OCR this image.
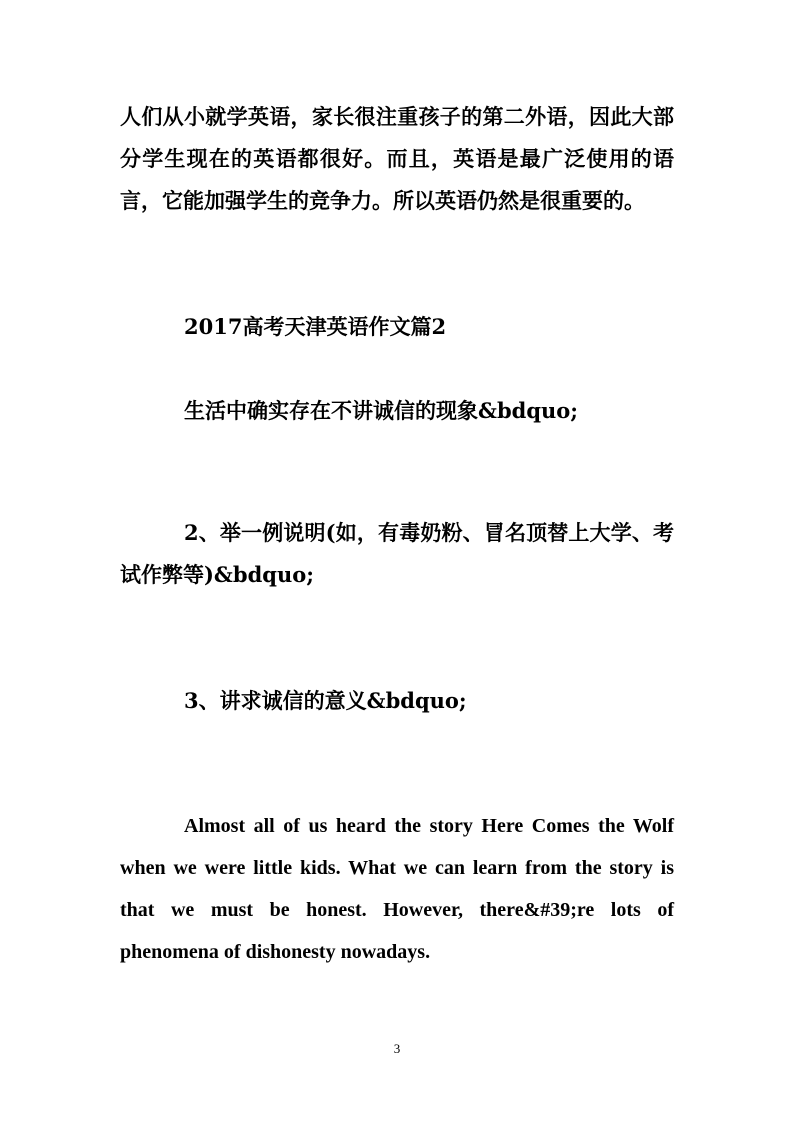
人们从小就学英语，家长很注重孩子的第二外语，因此大部分学生现在的英语都很好。而且，英语是最广泛使用的语言，它能加强学生的竞争力。所以英语仍然是很重要的。

2017高考天津英语作文篇2

生活中确实存在不讲诚信的现象&bdquo;

2、举一例说明(如，有毒奶粉、冒名顶替上大学、考试作弊等)&bdquo;

3、讲求诚信的意义&bdquo;

Almost all of us heard the story Here Comes the Wolf when we were little kids. What we can learn from the story is that we must be honest. However, there&#39;re lots of phenomena of dishonesty nowadays.

3
